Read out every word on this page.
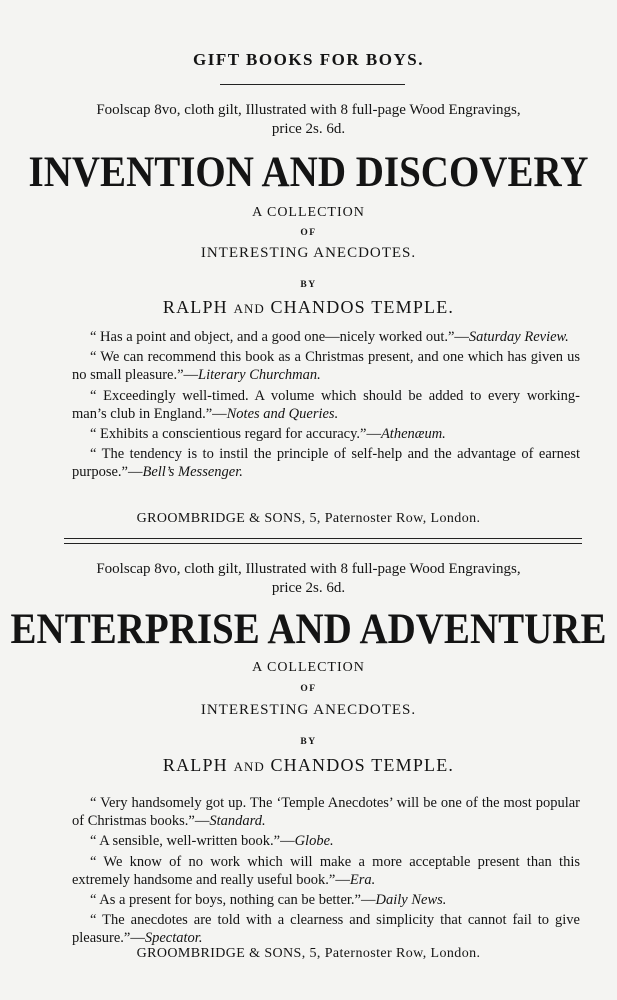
GIFT BOOKS FOR BOYS.
Foolscap 8vo, cloth gilt, Illustrated with 8 full-page Wood Engravings,
price 2s. 6d.
INVENTION AND DISCOVERY
A COLLECTION
OF
INTERESTING ANECDOTES.
BY
RALPH AND CHANDOS TEMPLE.

“ Has a point and object, and a good one—nicely worked out.”—Saturday Review.

“ We can recommend this book as a Christmas present, and one which has given us no small pleasure.”—Literary Churchman.

“ Exceedingly well-timed. A volume which should be added to every working-man’s club in England.”—Notes and Queries.

“ Exhibits a conscientious regard for accuracy.”—Athenæum.

“ The tendency is to instil the principle of self-help and the advantage of earnest purpose.”—Bell’s Messenger.

GROOMBRIDGE & SONS, 5, Paternoster Row, London.
Foolscap 8vo, cloth gilt, Illustrated with 8 full-page Wood Engravings,
price 2s. 6d.
ENTERPRISE AND ADVENTURE
A COLLECTION
OF
INTERESTING ANECDOTES.
BY
RALPH AND CHANDOS TEMPLE.

“ Very handsomely got up. The ‘Temple Anecdotes’ will be one of the most popular of Christmas books.”—Standard.

“ A sensible, well-written book.”—Globe.

“ We know of no work which will make a more acceptable present than this extremely handsome and really useful book.”—Era.

“ As a present for boys, nothing can be better.”—Daily News.

“ The anecdotes are told with a clearness and simplicity that cannot fail to give pleasure.”—Spectator.

GROOMBRIDGE & SONS, 5, Paternoster Row, London.
